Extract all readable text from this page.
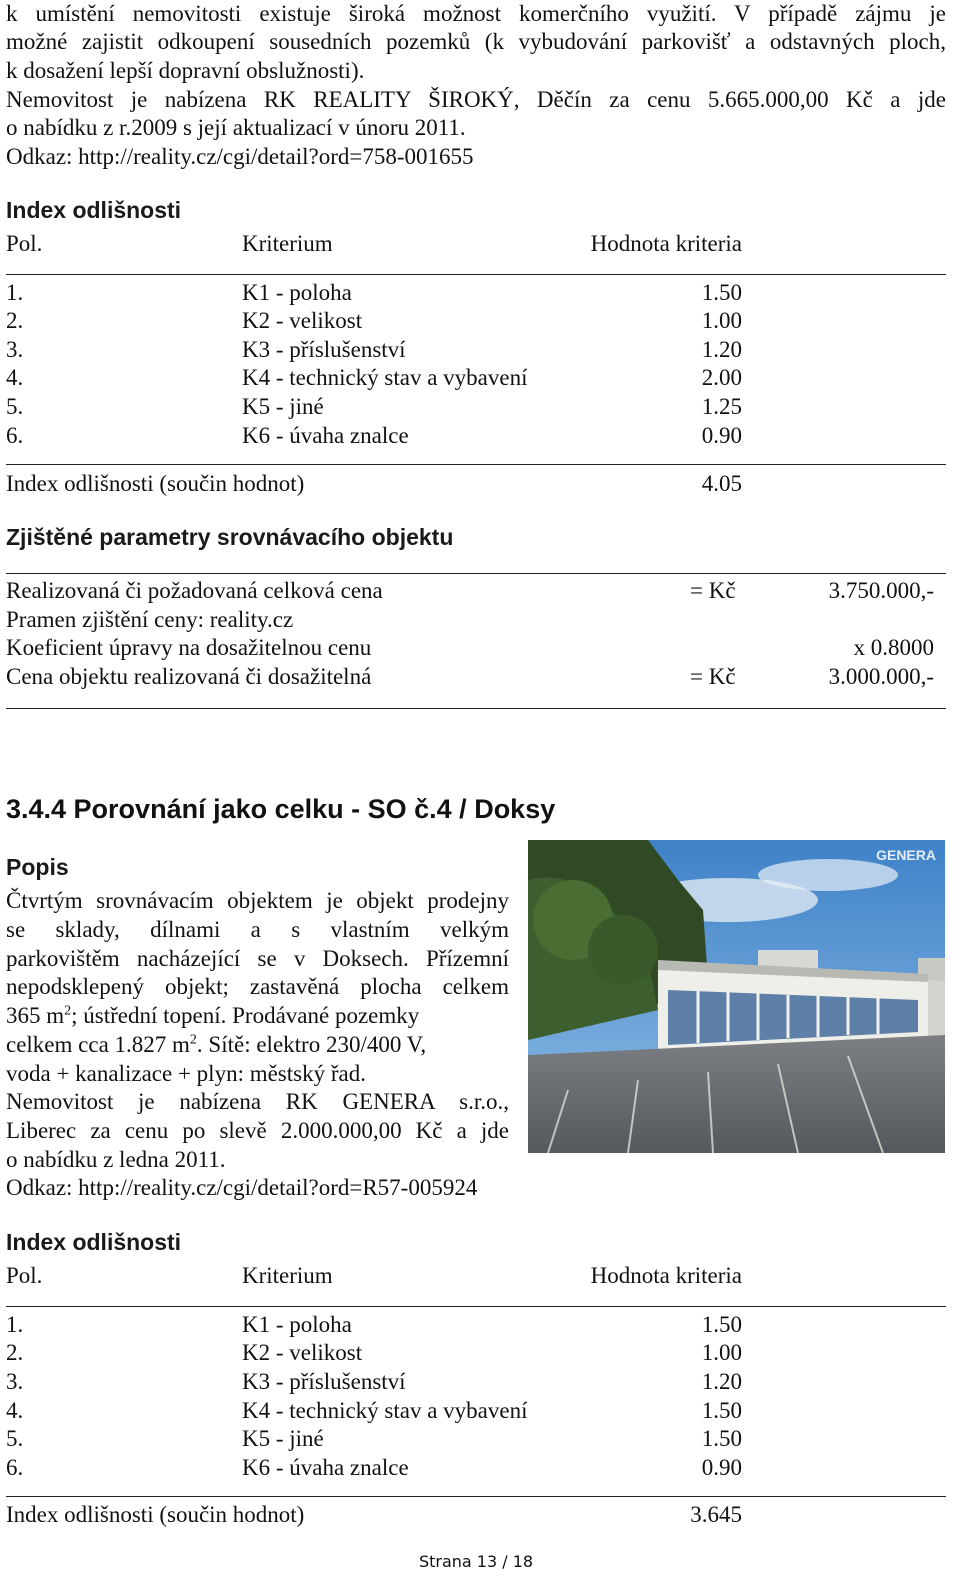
k umístění nemovitosti existuje široká možnost komerčního využití. V případě zájmu je
možné zajistit odkoupení sousedních pozemků (k vybudování parkovišť a odstavných ploch,
k dosažení lepší dopravní obslužnosti).
Nemovitost je nabízena RK REALITY ŠIROKÝ, Děčín za cenu 5.665.000,00 Kč a jde
o nabídku z r.2009 s její aktualizací v únoru 2011.
Odkaz: http://reality.cz/cgi/detail?ord=758-001655
Index odlišnosti
Pol.	Kriterium	Hodnota kriteria
1.	K1 - poloha	1.50
2.	K2 - velikost	1.00
3.	K3 - příslušenství	1.20
4.	K4 - technický stav a vybavení	2.00
5.	K5 - jiné	1.25
6.	K6 - úvaha znalce	0.90
Index odlišnosti (součin hodnot)	4.05
Zjištěné parametry srovnávacího objektu
Realizovaná či požadovaná celková cena	= Kč	3.750.000,-
Pramen zjištění ceny: reality.cz
Koeficient úpravy na dosažitelnou cenu	x 0.8000
Cena objektu realizovaná či dosažitelná	= Kč	3.000.000,-
3.4.4 Porovnání jako celku - SO č.4 / Doksy
Popis
Čtvrtým srovnávacím objektem je objekt prodejny
se sklady, dílnami a s vlastním velkým
parkovištěm nacházející se v Doksech. Přízemní
nepodsklepený objekt; zastavěná plocha celkem
365 $m^2$; ústřední topení. Prodávané pozemky
celkem cca 1.827 $m^2$. Sítě: elektro 230/400 V,
voda + kanalizace + plyn: městský řad.
Nemovitost je nabízena RK GENERA s.r.o.,
Liberec za cenu po slevě 2.000.000,00 Kč a jde
o nabídku z ledna 2011.
Odkaz: http://reality.cz/cgi/detail?ord=R57-005924
GENERA
Index odlišnosti
Pol.	Kriterium	Hodnota kriteria
1.	K1 - poloha	1.50
2.	K2 - velikost	1.00
3.	K3 - příslušenství	1.20
4.	K4 - technický stav a vybavení	1.50
5.	K5 - jiné	1.50
6.	K6 - úvaha znalce	0.90
Index odlišnosti (součin hodnot)	3.645
Strana 13 / 18
